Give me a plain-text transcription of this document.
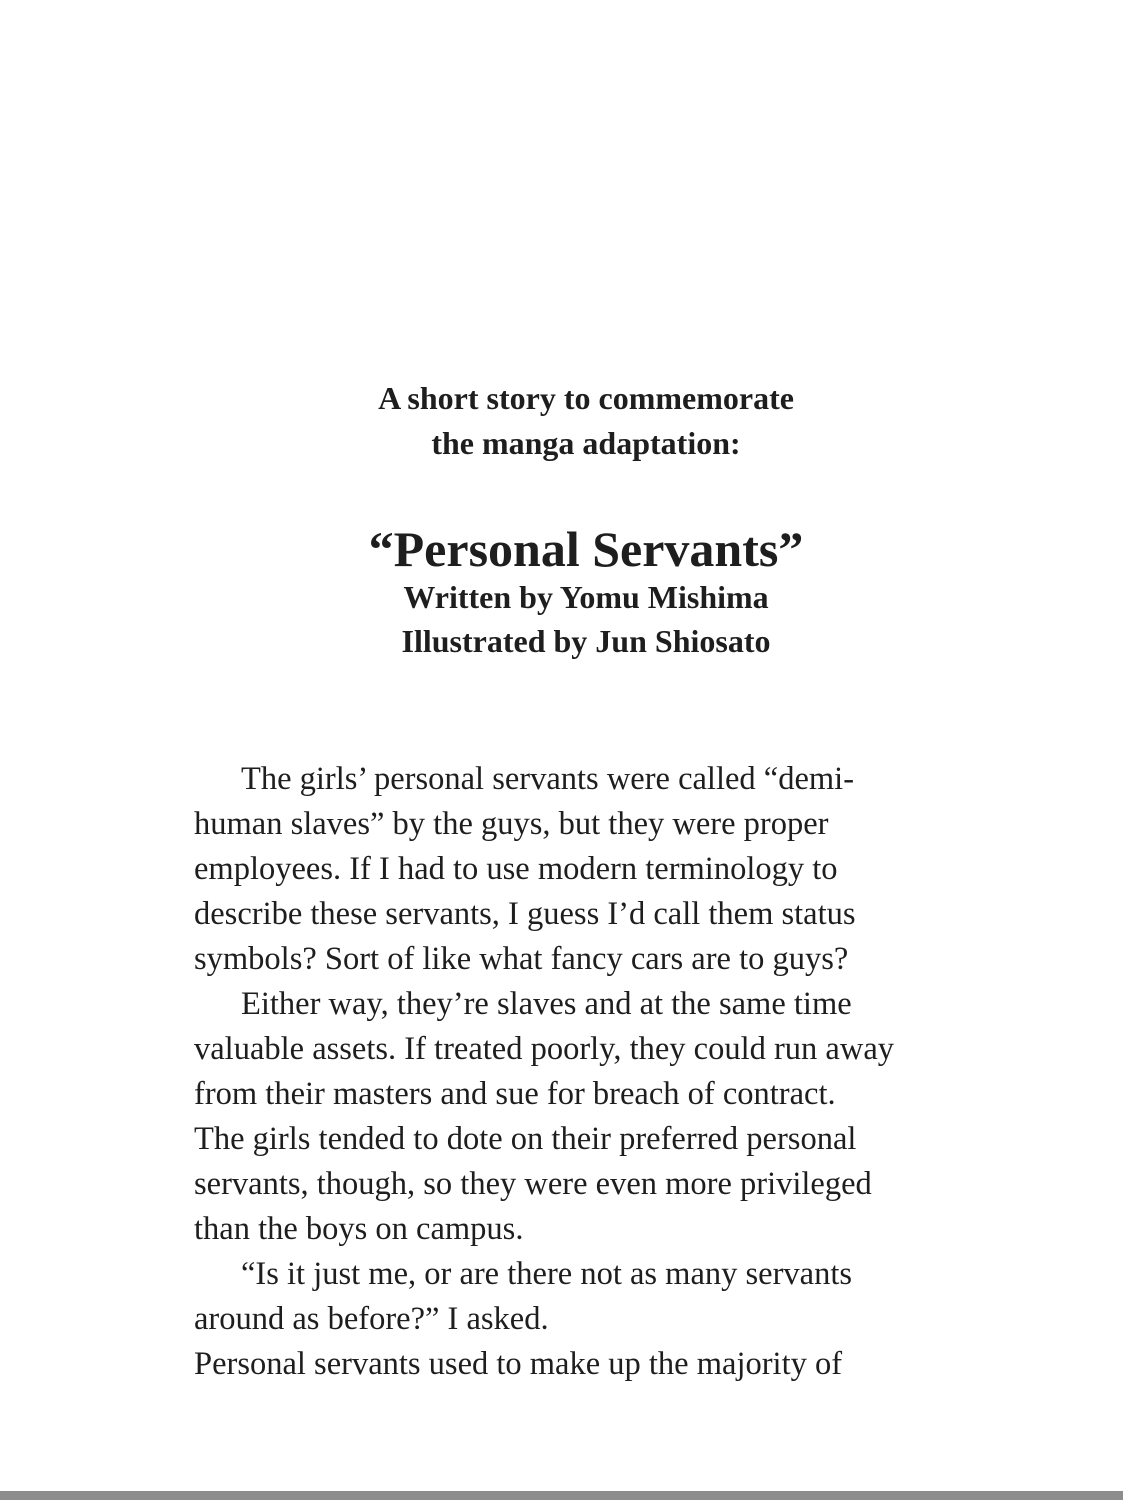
A short story to commemorate
the manga adaptation:
“Personal Servants”
Written by Yomu Mishima
Illustrated by Jun Shiosato
The girls’ personal servants were called “demi-
human slaves” by the guys, but they were proper
employees. If I had to use modern terminology to
describe these servants, I guess I’d call them status
symbols? Sort of like what fancy cars are to guys?
Either way, they’re slaves and at the same time
valuable assets. If treated poorly, they could run away
from their masters and sue for breach of contract.
The girls tended to dote on their preferred personal
servants, though, so they were even more privileged
than the boys on campus.
“Is it just me, or are there not as many servants
around as before?” I asked.
Personal servants used to make up the majority of
